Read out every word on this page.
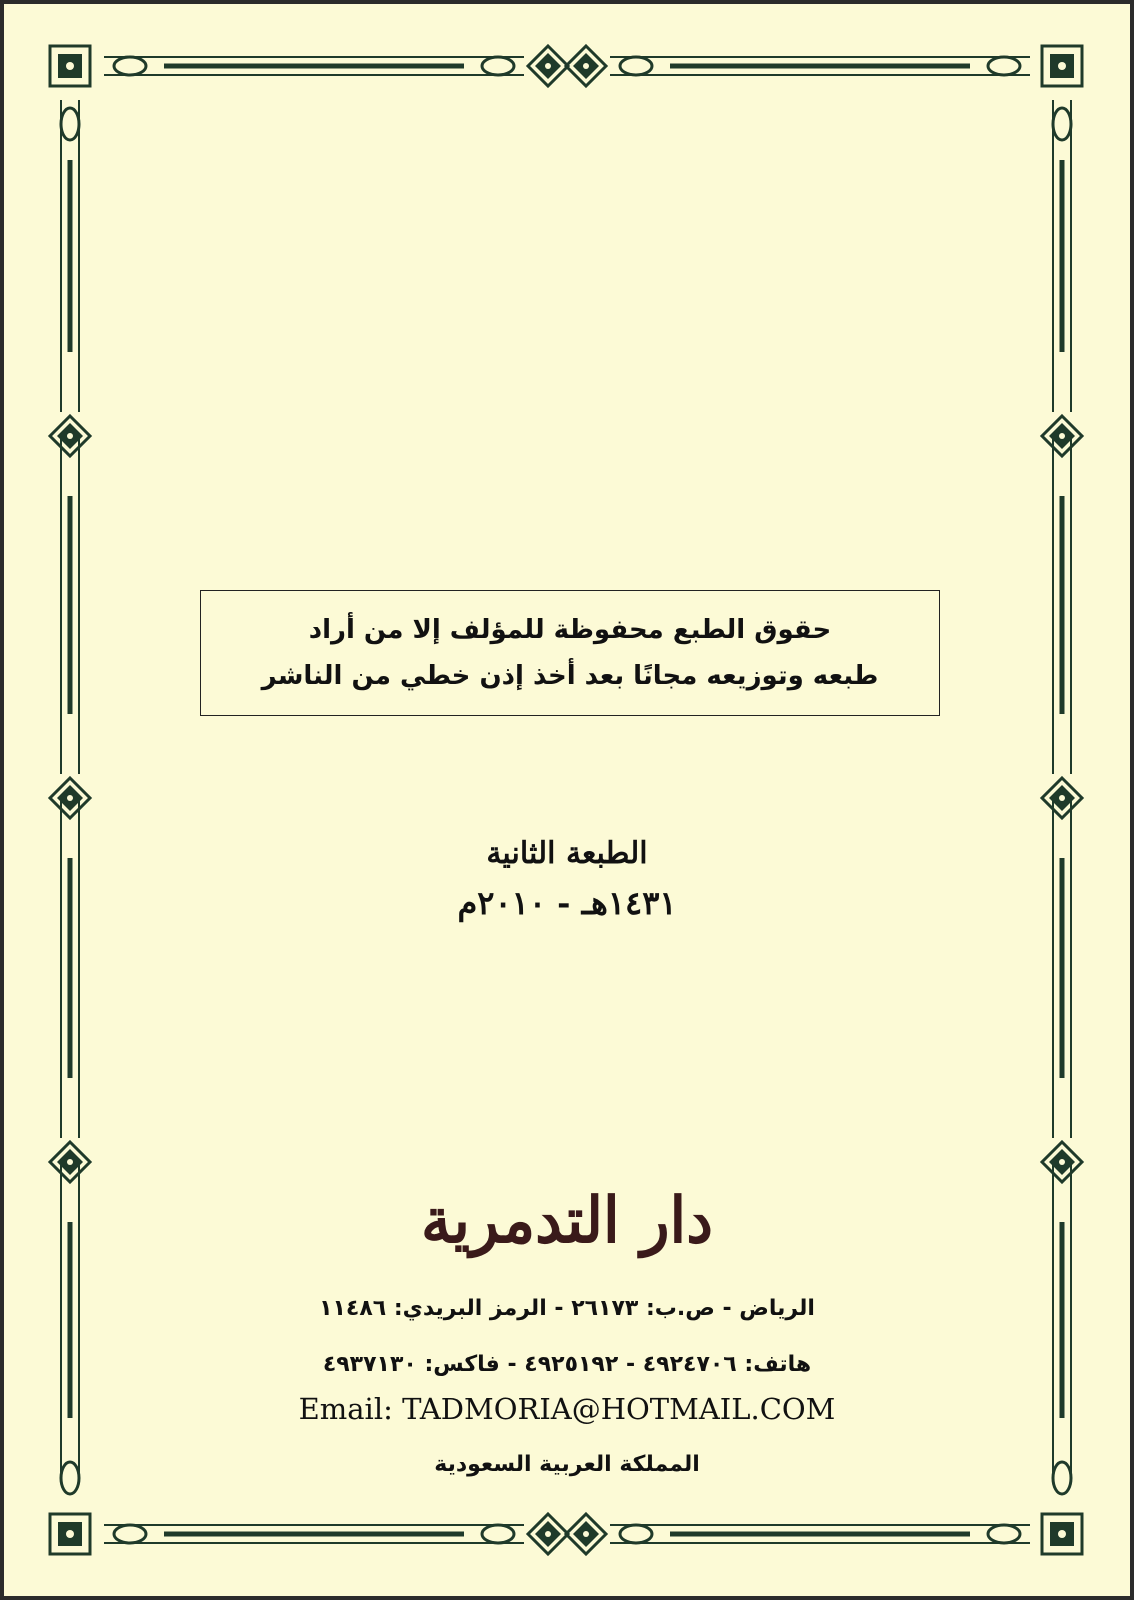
حقوق الطبع محفوظة للمؤلف إلا من أراد
طبعه وتوزيعه مجانًا بعد أخذ إذن خطي من الناشر
الطبعة الثانية
١٤٣١هـ - ٢٠١٠م
دار التدمرية
الرياض - ص.ب: ٢٦١٧٣ - الرمز البريدي: ١١٤٨٦
هاتف: ٤٩٢٤٧٠٦ - ٤٩٢٥١٩٢ - فاكس: ٤٩٣٧١٣٠
Email: TADMORIA@HOTMAIL.COM
المملكة العربية السعودية
